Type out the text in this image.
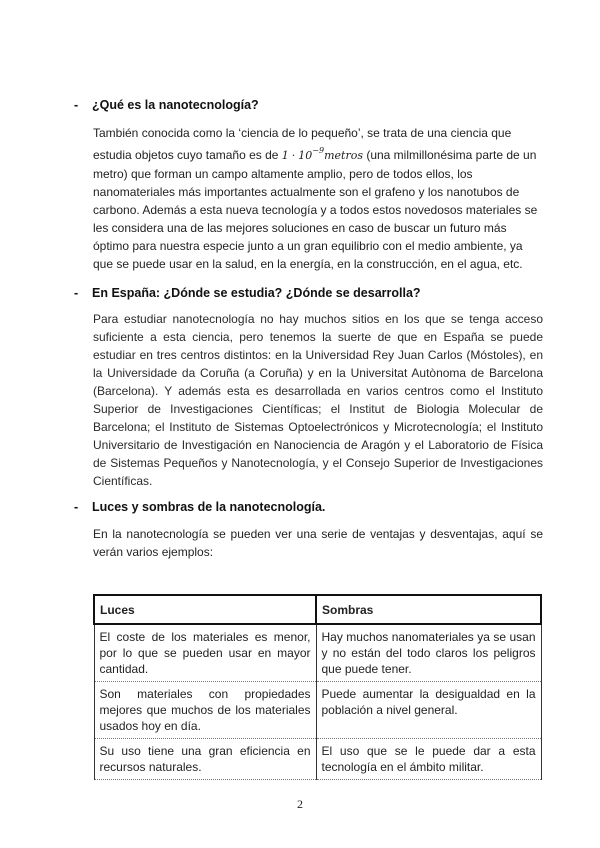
- ¿Qué es la nanotecnología?
También conocida como la ‘ciencia de lo pequeño’, se trata de una ciencia que estudia objetos cuyo tamaño es de $1 \cdot 10^{-9}metros$ (una milmillonésima parte de un metro) que forman un campo altamente amplio, pero de todos ellos, los nanomateriales más importantes actualmente son el grafeno y los nanotubos de carbono. Además a esta nueva tecnología y a todos estos novedosos materiales se les considera una de las mejores soluciones en caso de buscar un futuro más óptimo para nuestra especie junto a un gran equilibrio con el medio ambiente, ya que se puede usar en la salud, en la energía, en la construcción, en el agua, etc.
- En España: ¿Dónde se estudia? ¿Dónde se desarrolla?
Para estudiar nanotecnología no hay muchos sitios en los que se tenga acceso suficiente a esta ciencia, pero tenemos la suerte de que en España se puede estudiar en tres centros distintos: en la Universidad Rey Juan Carlos (Móstoles), en la Universidade da Coruña (a Coruña) y en la Universitat Autònoma de Barcelona (Barcelona). Y además esta es desarrollada en varios centros como el Instituto Superior de Investigaciones Científicas; el Institut de Biologia Molecular de Barcelona; el Instituto de Sistemas Optoelectrónicos y Microtecnología; el Instituto Universitario de Investigación en Nanociencia de Aragón y el Laboratorio de Física de Sistemas Pequeños y Nanotecnología, y el Consejo Superior de Investigaciones Científicas.
- Luces y sombras de la nanotecnología.
En la nanotecnología se pueden ver una serie de ventajas y desventajas, aquí se verán varios ejemplos:
Luces	Sombras
El coste de los materiales es menor, por lo que se pueden usar en mayor cantidad.	Hay muchos nanomateriales ya se usan y no están del todo claros los peligros que puede tener.
Son materiales con propiedades mejores que muchos de los materiales usados hoy en día.	Puede aumentar la desigualdad en la población a nivel general.
Su uso tiene una gran eficiencia en recursos naturales.	El uso que se le puede dar a esta tecnología en el ámbito militar.
2
